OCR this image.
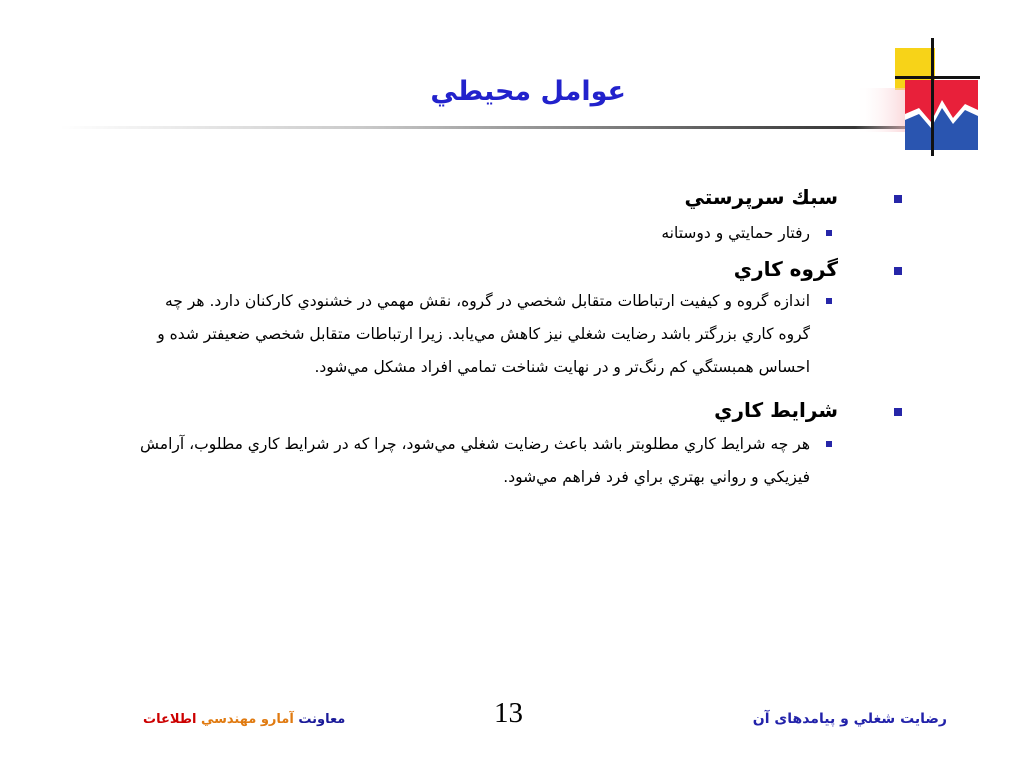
عوامل محيطي
سبك سرپرستي
رفتار حمايتي و دوستانه
گروه كاري
اندازه گروه و كيفيت ارتباطات متقابل شخصي در گروه، نقش مهمي در خشنودي كاركنان دارد. هر چه گروه كاري بزرگتر باشد رضايت شغلي نيز كاهش مي‌يابد. زيرا ارتباطات متقابل شخصي ضعيفتر شده و احساس همبستگي كم رنگ‌تر و در نهايت شناخت تمامي افراد مشكل مي‌شود.
شرايط كاري
هر چه شرايط كاري مطلوبتر باشد باعث رضايت شغلي مي‌شود، چرا كه در شرايط كاري مطلوب، آرامش فيزيكي و رواني بهتري براي فرد فراهم مي‌شود.
رضايت شغلي و پيامدهای آن
13
معاونت آمارو مهندسي اطلاعات
